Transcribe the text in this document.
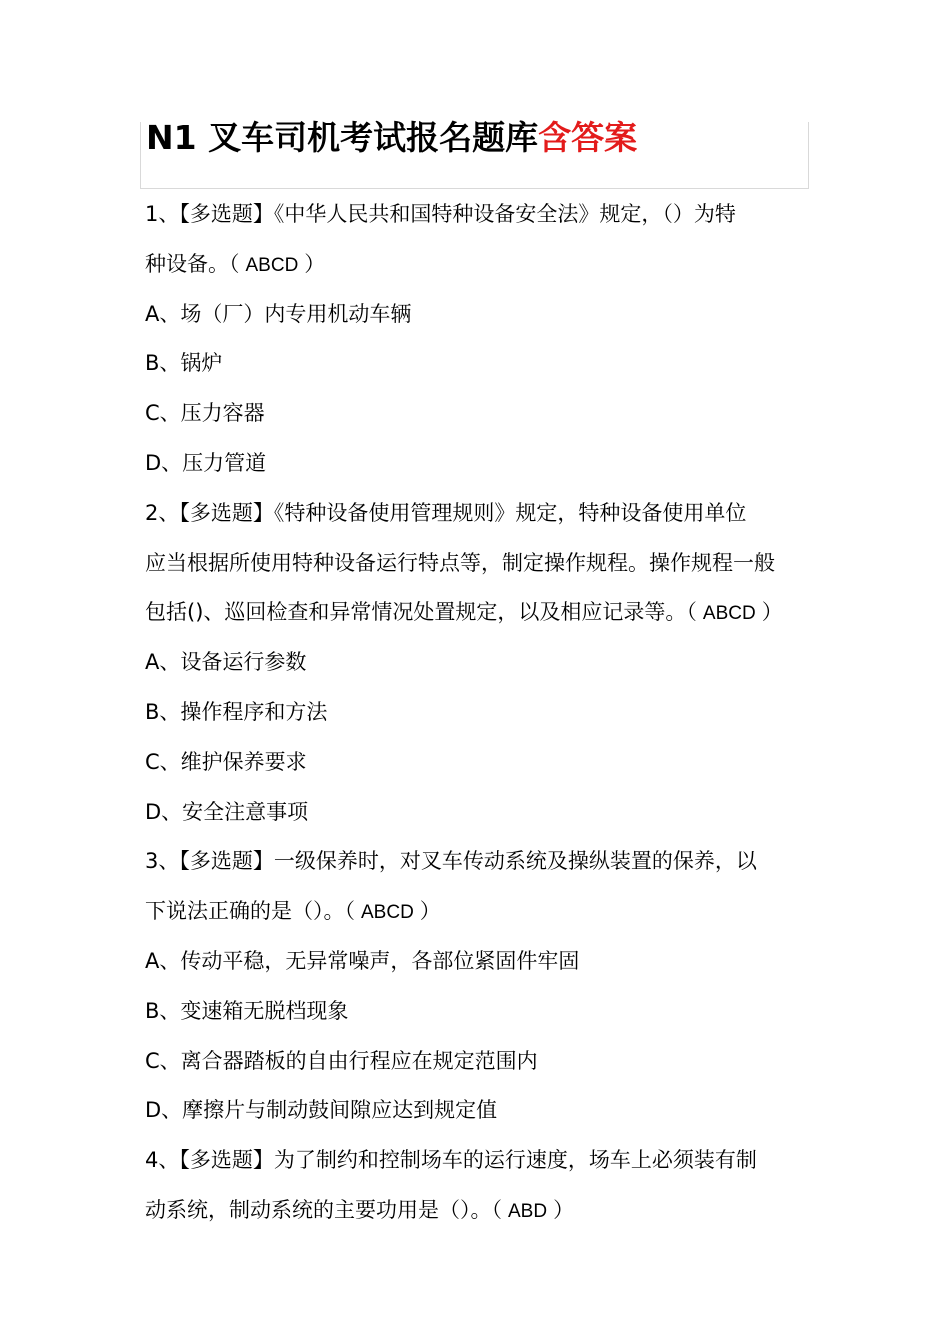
N1 叉车司机考试报名题库含答案
1、【多选题】《中华人民共和国特种设备安全法》规定，（）为特
种设备。（ ABCD ）
A、场（厂）内专用机动车辆
B、锅炉
C、压力容器
D、压力管道
2、【多选题】《特种设备使用管理规则》规定，特种设备使用单位
应当根据所使用特种设备运行特点等，制定操作规程。操作规程一般
包括()、巡回检查和异常情况处置规定，以及相应记录等。（ ABCD ）
A、设备运行参数
B、操作程序和方法
C、维护保养要求
D、安全注意事项
3、【多选题】一级保养时，对叉车传动系统及操纵装置的保养，以
下说法正确的是（）。（ ABCD ）
A、传动平稳，无异常噪声，各部位紧固件牢固
B、变速箱无脱档现象
C、离合器踏板的自由行程应在规定范围内
D、摩擦片与制动鼓间隙应达到规定值
4、【多选题】为了制约和控制场车的运行速度，场车上必须装有制
动系统，制动系统的主要功用是（）。（ ABD ）
